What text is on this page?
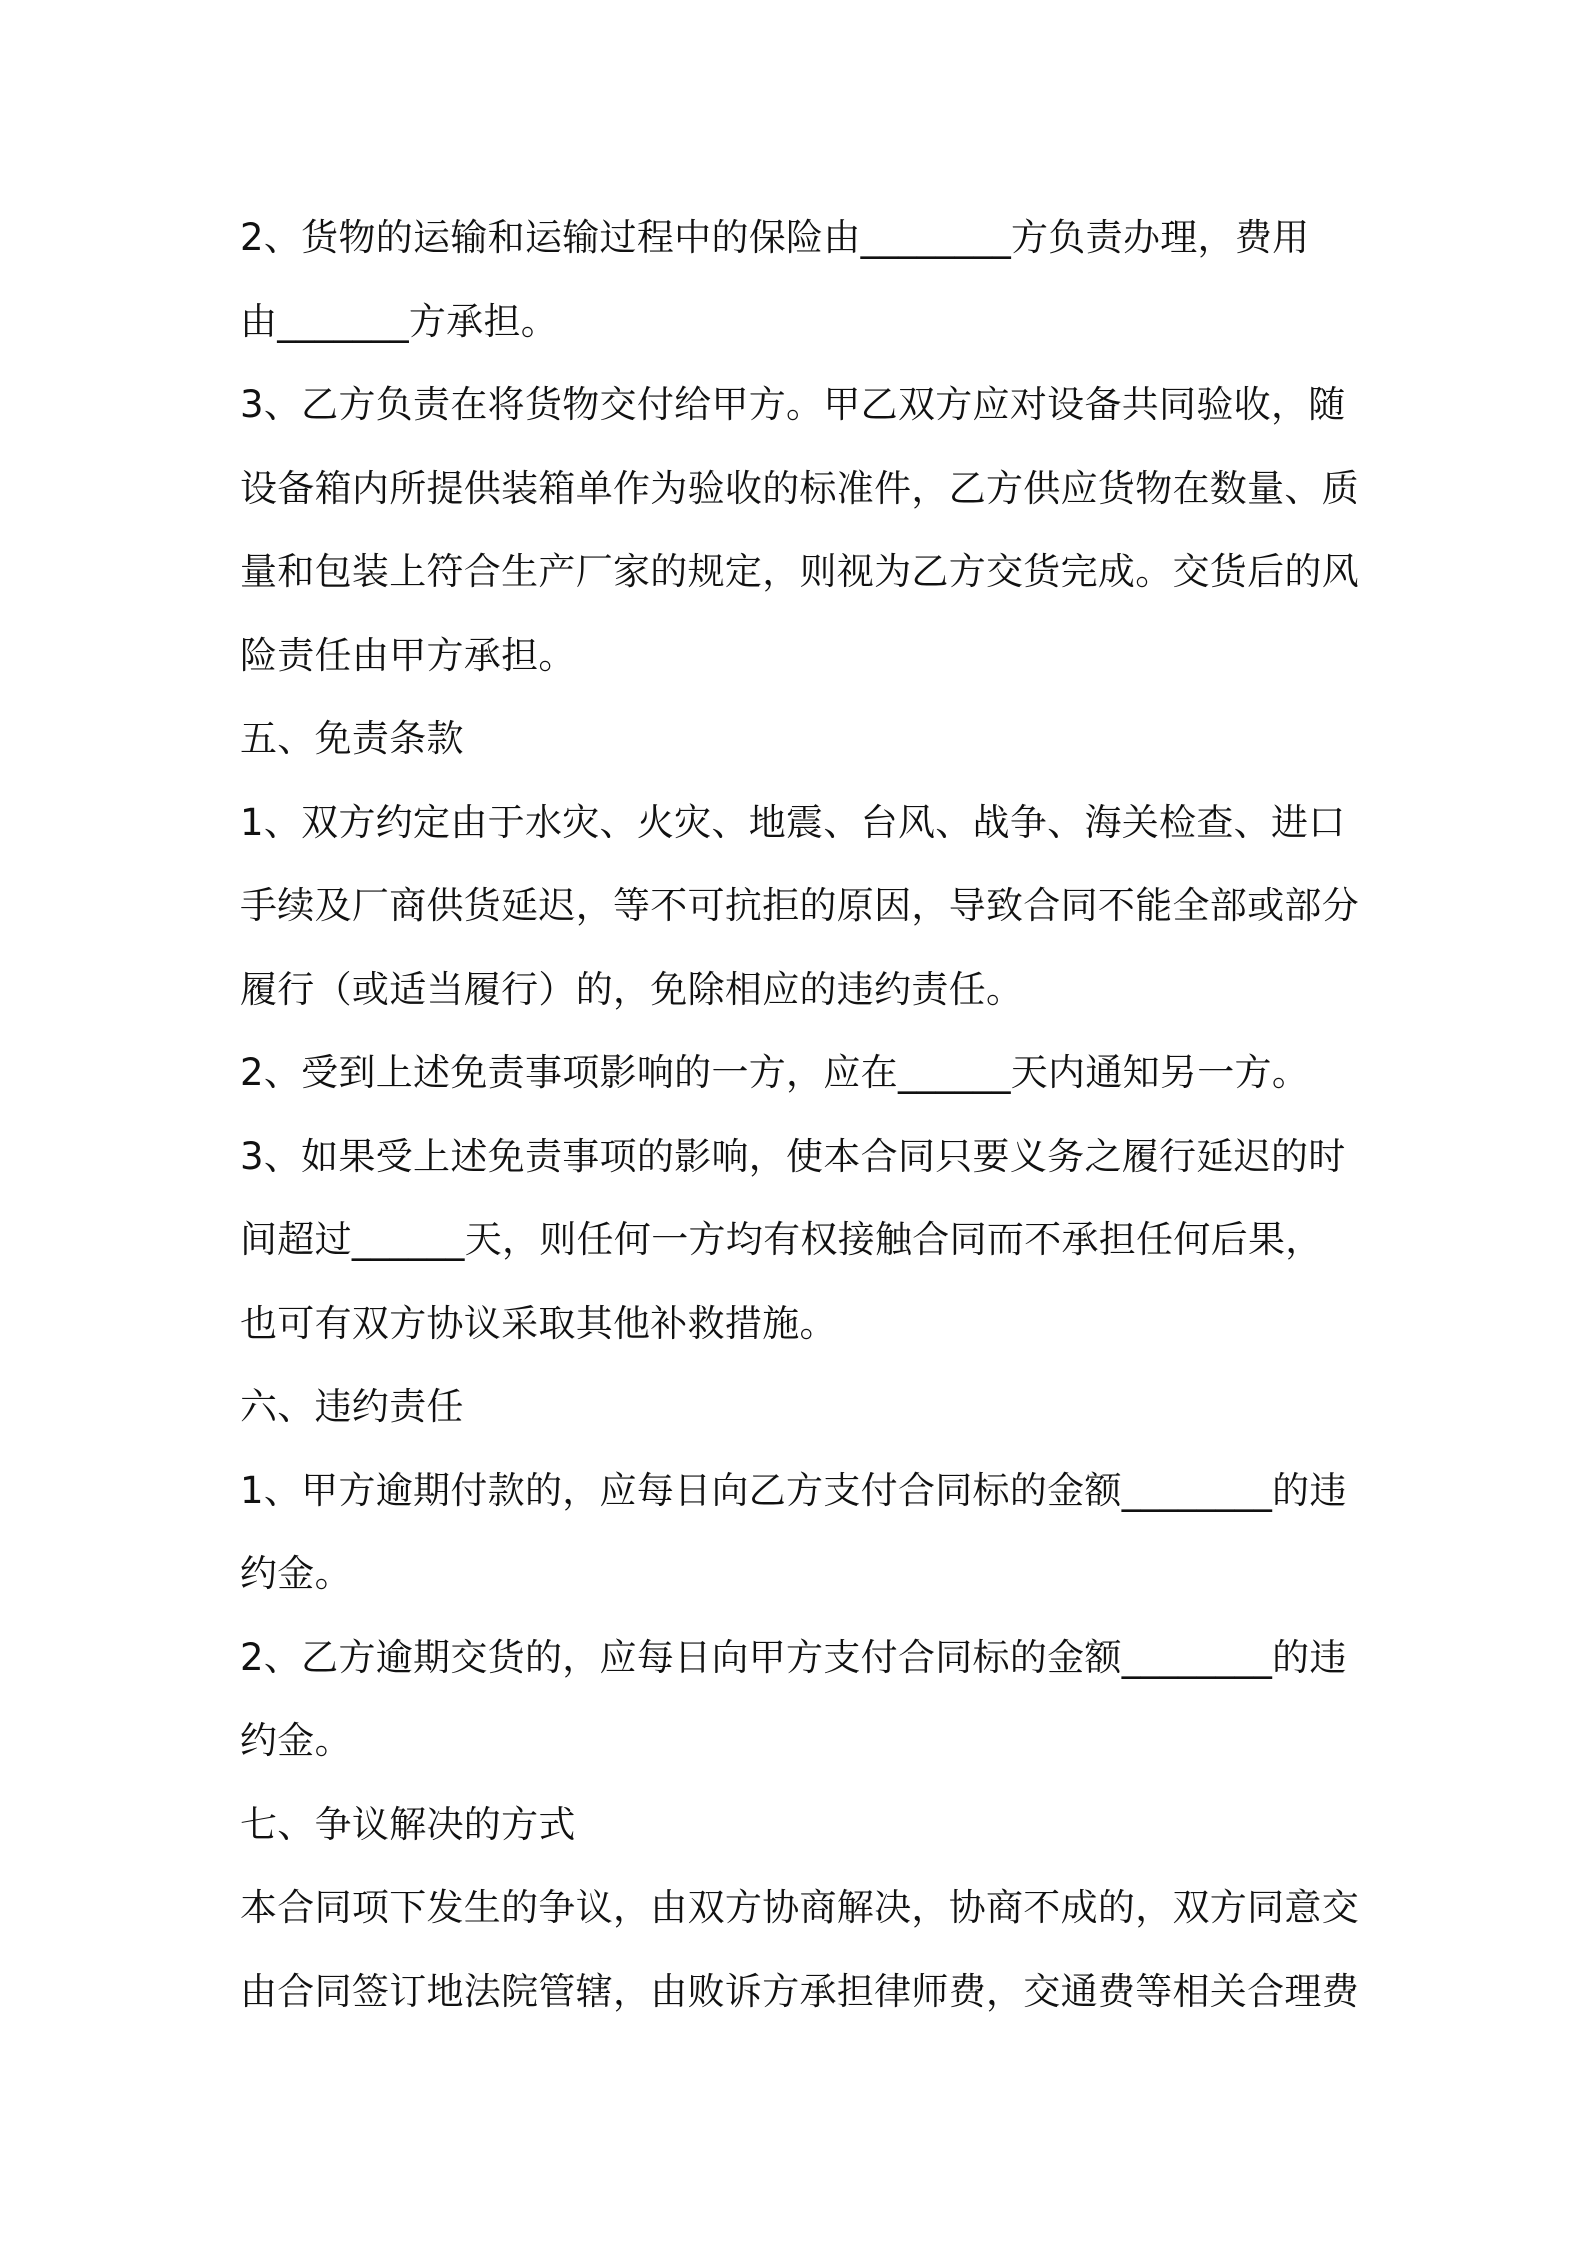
2、货物的运输和运输过程中的保险由________方负责办理，费用
由_______方承担。
3、乙方负责在将货物交付给甲方。甲乙双方应对设备共同验收，随
设备箱内所提供装箱单作为验收的标准件，乙方供应货物在数量、质
量和包装上符合生产厂家的规定，则视为乙方交货完成。交货后的风
险责任由甲方承担。
五、免责条款
1、双方约定由于水灾、火灾、地震、台风、战争、海关检查、进口
手续及厂商供货延迟，等不可抗拒的原因，导致合同不能全部或部分
履行（或适当履行）的，免除相应的违约责任。
2、受到上述免责事项影响的一方，应在______天内通知另一方。
3、如果受上述免责事项的影响，使本合同只要义务之履行延迟的时
间超过______天，则任何一方均有权接触合同而不承担任何后果，
也可有双方协议采取其他补救措施。
六、违约责任
1、甲方逾期付款的，应每日向乙方支付合同标的金额________的违
约金。
2、乙方逾期交货的，应每日向甲方支付合同标的金额________的违
约金。
七、争议解决的方式
本合同项下发生的争议，由双方协商解决，协商不成的，双方同意交
由合同签订地法院管辖，由败诉方承担律师费，交通费等相关合理费
